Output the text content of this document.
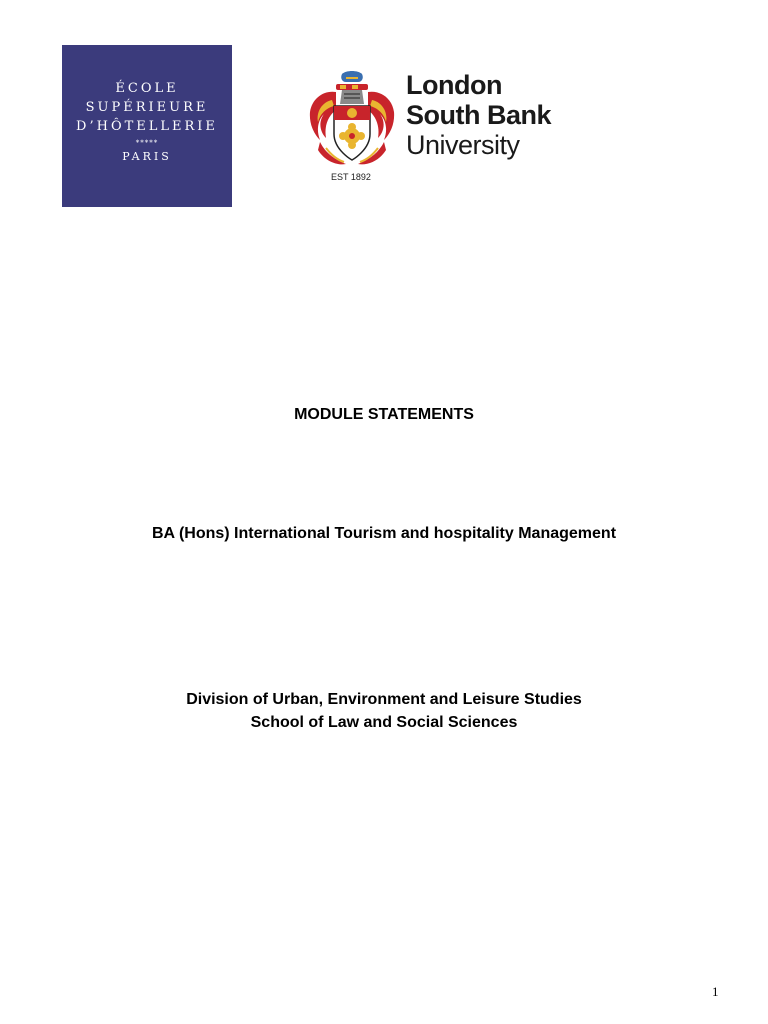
ÉCOLE
SUPÉRIEURE
D’HÔTELLERIE
*****
PARIS
EST 1892
London
South Bank
University
MODULE STATEMENTS
BA (Hons) International Tourism and hospitality Management
Division of Urban, Environment and Leisure Studies
School of Law and Social Sciences
1
